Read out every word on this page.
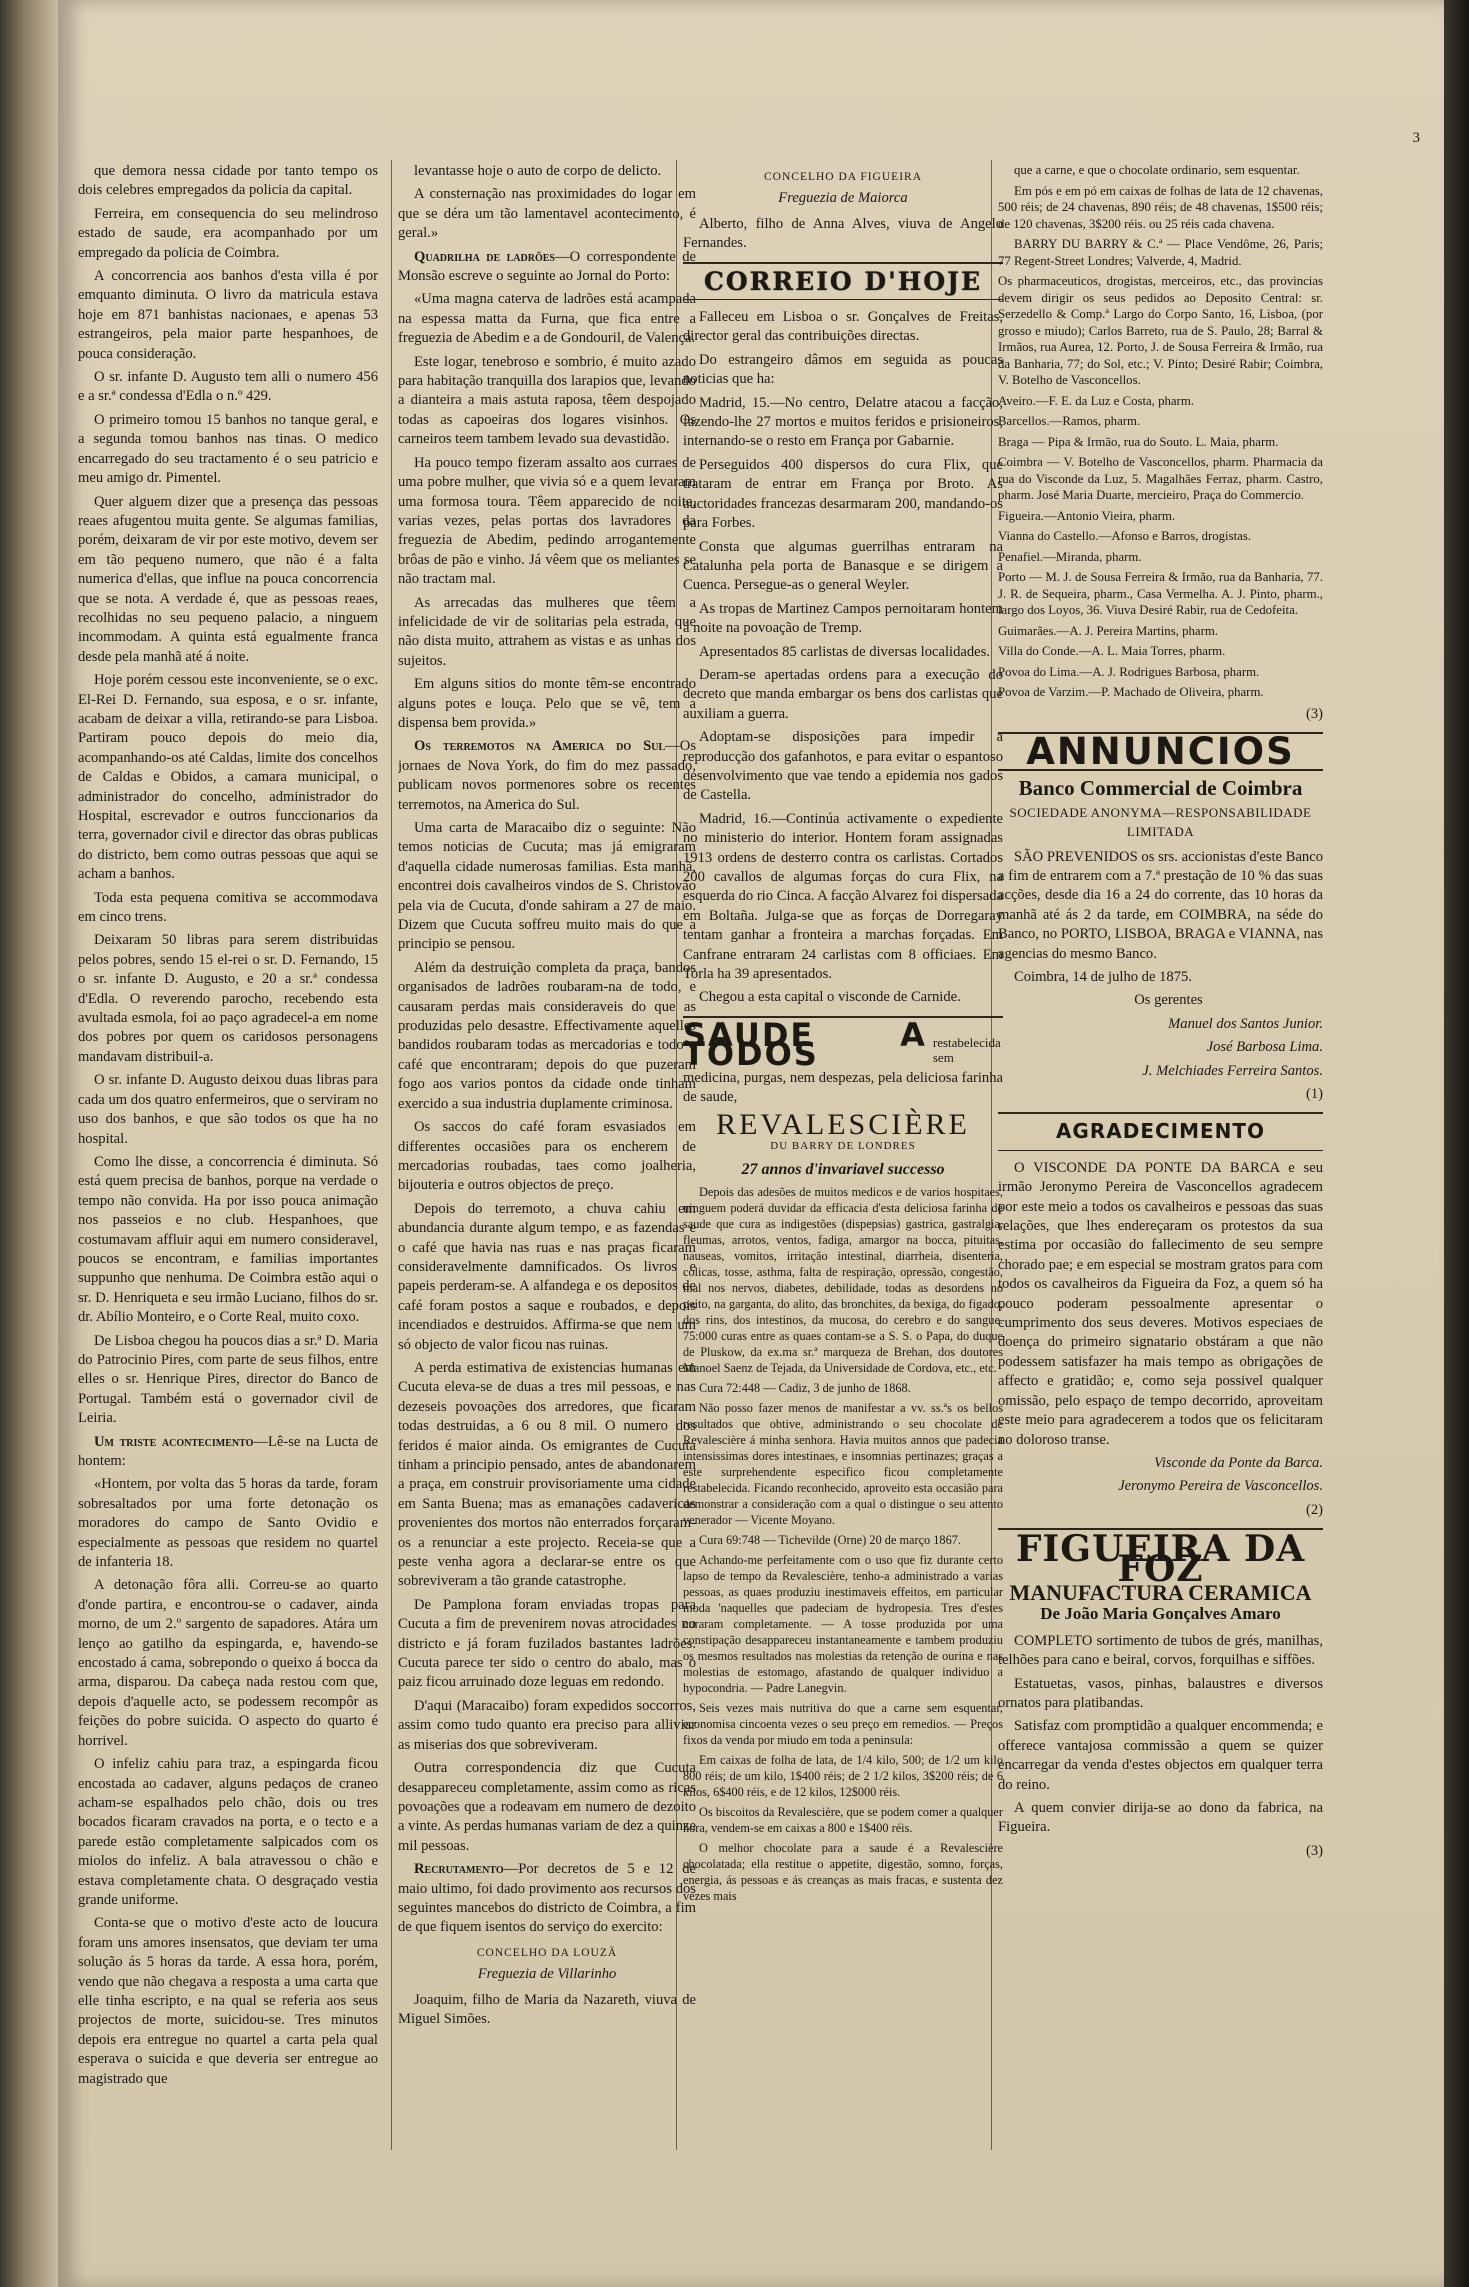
3

que demora nessa cidade por tanto tempo os dois celebres empregados da policia da capital.

Ferreira, em consequencia do seu melindroso estado de saude, era acompanhado por um empregado da policia de Coimbra.

A concorrencia aos banhos d'esta villa é por emquanto diminuta. O livro da matricula estava hoje em 871 banhistas nacionaes, e apenas 53 estrangeiros, pela maior parte hespanhoes, de pouca consideração.

O sr. infante D. Augusto tem alli o numero 456 e a sr.ª condessa d'Edla o n.º 429.

O primeiro tomou 15 banhos no tanque geral, e a segunda tomou banhos nas tinas. O medico encarregado do seu tractamento é o seu patricio e meu amigo dr. Pimentel.

Quer alguem dizer que a presença das pessoas reaes afugentou muita gente. Se algumas familias, porém, deixaram de vir por este motivo, devem ser em tão pequeno numero, que não é a falta numerica d'ellas, que influe na pouca concorrencia que se nota. A verdade é, que as pessoas reaes, recolhidas no seu pequeno palacio, a ninguem incommodam. A quinta está egualmente franca desde pela manhã até á noite.

Hoje porém cessou este inconveniente, se o exc. El-Rei D. Fernando, sua esposa, e o sr. infante, acabam de deixar a villa, retirando-se para Lisboa. Partiram pouco depois do meio dia, acompanhando-os até Caldas, limite dos concelhos de Caldas e Obidos, a camara municipal, o administrador do concelho, administrador do Hospital, escrevador e outros funccionarios da terra, governador civil e director das obras publicas do districto, bem como outras pessoas que aqui se acham a banhos.

Toda esta pequena comitiva se accommodava em cinco trens.

Deixaram 50 libras para serem distribuidas pelos pobres, sendo 15 el-rei o sr. D. Fernando, 15 o sr. infante D. Augusto, e 20 a sr.ª condessa d'Edla. O reverendo parocho, recebendo esta avultada esmola, foi ao paço agradecel-a em nome dos pobres por quem os caridosos personagens mandavam distribuil-a.

O sr. infante D. Augusto deixou duas libras para cada um dos quatro enfermeiros, que o serviram no uso dos banhos, e que são todos os que ha no hospital.

Como lhe disse, a concorrencia é diminuta. Só está quem precisa de banhos, porque na verdade o tempo não convida. Ha por isso pouca animação nos passeios e no club. Hespanhoes, que costumavam affluir aqui em numero consideravel, poucos se encontram, e familias importantes suppunho que nenhuma. De Coimbra estão aqui o sr. D. Henriqueta e seu irmão Luciano, filhos do sr. dr. Abílio Monteiro, e o Corte Real, muito coxo.

De Lisboa chegou ha poucos dias a sr.ª D. Maria do Patrocinio Pires, com parte de seus filhos, entre elles o sr. Henrique Pires, director do Banco de Portugal. Também está o governador civil de Leiria.

Um triste acontecimento—Lê-se na Lucta de hontem:

«Hontem, por volta das 5 horas da tarde, foram sobresaltados por uma forte detonação os moradores do campo de Santo Ovidio e especialmente as pessoas que residem no quartel de infanteria 18.

A detonação fôra alli. Correu-se ao quarto d'onde partira, e encontrou-se o cadaver, ainda morno, de um 2.º sargento de sapadores. Atára um lenço ao gatilho da espingarda, e, havendo-se encostado á cama, sobrepondo o queixo á bocca da arma, disparou. Da cabeça nada restou com que, depois d'aquelle acto, se podessem recompôr as feições do pobre suicida. O aspecto do quarto é horrivel.

O infeliz cahiu para traz, a espingarda ficou encostada ao cadaver, alguns pedaços de craneo acham-se espalhados pelo chão, dois ou tres bocados ficaram cravados na porta, e o tecto e a parede estão completamente salpicados com os miolos do infeliz. A bala atravessou o chão e estava completamente chata. O desgraçado vestia grande uniforme.

Conta-se que o motivo d'este acto de loucura foram uns amores insensatos, que deviam ter uma solução ás 5 horas da tarde. A essa hora, porém, vendo que não chegava a resposta a uma carta que elle tinha escripto, e na qual se referia aos seus projectos de morte, suicidou-se. Tres minutos depois era entregue no quartel a carta pela qual esperava o suicida e que deveria ser entregue ao magistrado que

levantasse hoje o auto de corpo de delicto.

A consternação nas proximidades do logar em que se déra um tão lamentavel acontecimento, é geral.»

Quadrilha de ladrões—O correspondente de Monsão escreve o seguinte ao Jornal do Porto:

«Uma magna caterva de ladrões está acampada na espessa matta da Furna, que fica entre a freguezia de Abedim e a de Gondouril, de Valença.

Este logar, tenebroso e sombrio, é muito azado para habitação tranquilla dos larapios que, levando a dianteira a mais astuta raposa, têem despojado todas as capoeiras dos logares visinhos. Os carneiros teem tambem levado sua devastidão.

Ha pouco tempo fizeram assalto aos curraes de uma pobre mulher, que vivia só e a quem levaram uma formosa toura. Têem apparecido de noite, varias vezes, pelas portas dos lavradores da freguezia de Abedim, pedindo arrogantemente brôas de pão e vinho. Já vêem que os meliantes se não tractam mal.

As arrecadas das mulheres que têem a infelicidade de vir de solitarias pela estrada, que não dista muito, attrahem as vistas e as unhas dos sujeitos.

Em alguns sitios do monte têm-se encontrado alguns potes e louça. Pelo que se vê, tem a dispensa bem provida.»

Os terremotos na America do Sul—Os jornaes de Nova York, do fim do mez passado, publicam novos pormenores sobre os recentes terremotos, na America do Sul.

Uma carta de Maracaibo diz o seguinte: Não temos noticias de Cucuta; mas já emigraram d'aquella cidade numerosas familias. Esta manhã, encontrei dois cavalheiros vindos de S. Christovão pela via de Cucuta, d'onde sahiram a 27 de maio. Dizem que Cucuta soffreu muito mais do que a principio se pensou.

Além da destruição completa da praça, bandos organisados de ladrões roubaram-na de todo, e causaram perdas mais consideraveis do que as produzidas pelo desastre. Effectivamente aquelles bandidos roubaram todas as mercadorias e todo o café que encontraram; depois do que puzeram fogo aos varios pontos da cidade onde tinham exercido a sua industria duplamente criminosa.

Os saccos do café foram esvasiados em differentes occasiões para os encherem de mercadorias roubadas, taes como joalheria, bijouteria e outros objectos de preço.

Depois do terremoto, a chuva cahiu em abundancia durante algum tempo, e as fazendas e o café que havia nas ruas e nas praças ficaram consideravelmente damnificados. Os livros e papeis perderam-se. A alfandega e os depositos de café foram postos a saque e roubados, e depois incendiados e destruidos. Affirma-se que nem um só objecto de valor ficou nas ruinas.

A perda estimativa de existencias humanas em Cucuta eleva-se de duas a tres mil pessoas, e nas dezeseis povoações dos arredores, que ficaram todas destruidas, a 6 ou 8 mil. O numero dos feridos é maior ainda. Os emigrantes de Cucuta tinham a principio pensado, antes de abandonarem a praça, em construir provisoriamente uma cidade em Santa Buena; mas as emanações cadavericas provenientes dos mortos não enterrados forçaram-os a renunciar a este projecto. Receia-se que a peste venha agora a declarar-se entre os que sobreviveram a tão grande catastrophe.

De Pamplona foram enviadas tropas para Cucuta a fim de prevenirem novas atrocidades no districto e já foram fuzilados bastantes ladrões. Cucuta parece ter sido o centro do abalo, mas o paiz ficou arruinado doze leguas em redondo.

D'aqui (Maracaibo) foram expedidos soccorros, assim como tudo quanto era preciso para alliviar as miserias dos que sobreviveram.

Outra correspondencia diz que Cucuta desappareceu completamente, assim como as ricas povoações que a rodeavam em numero de dezoito a vinte. As perdas humanas variam de dez a quinze mil pessoas.

Recrutamento—Por decretos de 5 e 12 de maio ultimo, foi dado provimento aos recursos dos seguintes mancebos do districto de Coimbra, a fim de que fiquem isentos do serviço do exercito:

CONCELHO DA LOUZÃ
Freguezia de Villarinho

Joaquim, filho de Maria da Nazareth, viuva de Miguel Simões.

CONCELHO DA FIGUEIRA
Freguezia de Maiorca

Alberto, filho de Anna Alves, viuva de Angelo Fernandes.

CORREIO D'HOJE

Falleceu em Lisboa o sr. Gonçalves de Freitas, director geral das contribuições directas.

Do estrangeiro dâmos em seguida as poucas noticias que ha:

Madrid, 15.—No centro, Delatre atacou a facção, fazendo-lhe 27 mortos e muitos feridos e prisioneiros, internando-se o resto em França por Gabarnie.

Perseguidos 400 dispersos do cura Flix, que trataram de entrar em França por Broto. As auctoridades francezas desarmaram 200, mandando-os para Forbes.

Consta que algumas guerrilhas entraram na Catalunha pela porta de Banasque e se dirigem a Cuenca. Persegue-as o general Weyler.

As tropas de Martinez Campos pernoitaram hontem á noite na povoação de Tremp.

Apresentados 85 carlistas de diversas localidades.

Deram-se apertadas ordens para a execução do decreto que manda embargar os bens dos carlistas que auxiliam a guerra.

Adoptam-se disposições para impedir a reproducção dos gafanhotos, e para evitar o espantoso desenvolvimento que vae tendo a epidemia nos gados de Castella.

Madrid, 16.—Continúa activamente o expediente no ministerio do interior. Hontem foram assignadas 1913 ordens de desterro contra os carlistas. Cortados 200 cavallos de algumas forças do cura Flix, na esquerda do rio Cinca. A facção Alvarez foi dispersada em Boltaña. Julga-se que as forças de Dorregaray tentam ganhar a fronteira a marchas forçadas. Em Canfrane entraram 24 carlistas com 8 officiaes. Em Torla ha 39 apresentados.

Chegou a esta capital o visconde de Carnide.

SAUDE A TODOS	restabelecida sem

medicina, purgas, nem despezas, pela deliciosa farinha de saude,

REVALESCIÈRE
DU BARRY DE LONDRES
27 annos d'invariavel successo

Depois das adesões de muitos medicos e de varios hospitaes, ninguem poderá duvidar da efficacia d'esta deliciosa farinha de saude que cura as indigestões (dispepsias) gastrica, gastralgia, fleumas, arrotos, ventos, fadiga, amargor na bocca, pituitas, nauseas, vomitos, irritação intestinal, diarrheia, disenteria, colicas, tosse, asthma, falta de respiração, opressão, congestão, mal nos nervos, diabetes, debilidade, todas as desordens no peito, na garganta, do alito, das bronchites, da bexiga, do figado, dos rins, dos intestinos, da mucosa, do cerebro e do sangue. 75:000 curas entre as quaes contam-se a S. S. o Papa, do duque de Pluskow, da ex.ma sr.ª marqueza de Brehan, dos doutores Manoel Saenz de Tejada, da Universidade de Cordova, etc., etc.

Cura 72:448 — Cadiz, 3 de junho de 1868.

Não posso fazer menos de manifestar a vv. ss.ªs os bellos resultados que obtive, administrando o seu chocolate de Revalescière á minha senhora. Havia muitos annos que padecia intensissimas dores intestinaes, e insomnias pertinazes; graças a este surprehendente especifico ficou completamente restabelecida. Ficando reconhecido, aproveito esta occasião para demonstrar a consideração com a qual o distingue o seu attento venerador — Vicente Moyano.

Cura 69:748 — Tichevilde (Orne) 20 de março 1867.

Achando-me perfeitamente com o uso que fiz durante certo lapso de tempo da Revalescière, tenho-a administrado a varias pessoas, as quaes produziu inestimaveis effeitos, em particular moda 'naquelles que padeciam de hydropesia. Tres d'estes curaram completamente. — A tosse produzida por uma constipação desappareceu instantaneamente e tambem produziu os mesmos resultados nas molestias da retenção de ourina e nas molestias de estomago, afastando de qualquer individuo a hypocondria. — Padre Lanegvin.

Seis vezes mais nutritiva do que a carne sem esquentar, economisa cincoenta vezes o seu preço em remedios. — Preços fixos da venda por miudo em toda a peninsula:

Em caixas de folha de lata, de 1/4 kilo, 500; de 1/2 um kilo 800 réis; de um kilo, 1$400 réis; de 2 1/2 kilos, 3$200 réis; de 6 kilos, 6$400 réis, e de 12 kilos, 12$000 réis.

Os biscoitos da Revalescière, que se podem comer a qualquer hora, vendem-se em caixas a 800 e 1$400 réis.

O melhor chocolate para a saude é a Revalescière chocolatada; ella restitue o appetite, digestão, somno, forças, energia, ás pessoas e ás creanças as mais fracas, e sustenta dez vezes mais

que a carne, e que o chocolate ordinario, sem esquentar.

Em pós e em pó em caixas de folhas de lata de 12 chavenas, 500 réis; de 24 chavenas, 890 réis; de 48 chavenas, 1$500 réis; de 120 chavenas, 3$200 réis. ou 25 réis cada chavena.

BARRY DU BARRY & C.ª — Place Vendôme, 26, Paris; 77 Regent-Street Londres; Valverde, 4, Madrid.

Os pharmaceuticos, drogistas, merceiros, etc., das provincias devem dirigir os seus pedidos ao Deposito Central: sr. Serzedello & Comp.ª Largo do Corpo Santo, 16, Lisboa, (por grosso e miudo); Carlos Barreto, rua de S. Paulo, 28; Barral & Irmãos, rua Aurea, 12. Porto, J. de Sousa Ferreira & Irmão, rua da Banharia, 77; do Sol, etc.; V. Pinto; Desiré Rabir; Coimbra, V. Botelho de Vasconcellos.

Aveiro.—F. E. da Luz e Costa, pharm.

Barcellos.—Ramos, pharm.

Braga — Pipa & Irmão, rua do Souto. L. Maia, pharm.

Coimbra — V. Botelho de Vasconcellos, pharm. Pharmacia da rua do Visconde da Luz, 5. Magalhães Ferraz, pharm. Castro, pharm. José Maria Duarte, mercieiro, Praça do Commercio.

Figueira.—Antonio Vieira, pharm.

Vianna do Castello.—Afonso e Barros, drogistas.

Penafiel.—Miranda, pharm.

Porto — M. J. de Sousa Ferreira & Irmão, rua da Banharia, 77. J. R. de Sequeira, pharm., Casa Vermelha. A. J. Pinto, pharm., largo dos Loyos, 36. Viuva Desiré Rabir, rua de Cedofeita.

Guimarães.—A. J. Pereira Martins, pharm.

Villa do Conde.—A. L. Maia Torres, pharm.

Povoa do Lima.—A. J. Rodrigues Barbosa, pharm.

Povoa de Varzim.—P. Machado de Oliveira, pharm.

(3)

ANNUNCIOS
Banco Commercial de Coimbra
SOCIEDADE ANONYMA—RESPONSABILIDADE LIMITADA

SÃO PREVENIDOS os srs. accionistas d'este Banco a fim de entrarem com a 7.ª prestação de 10 % das suas acções, desde dia 16 a 24 do corrente, das 10 horas da manhã até ás 2 da tarde, em COIMBRA, na séde do Banco, no PORTO, LISBOA, BRAGA e VIANNA, nas agencias do mesmo Banco.

Coimbra, 14 de julho de 1875.

Os gerentes

Manuel dos Santos Junior.

José Barbosa Lima.

J. Melchiades Ferreira Santos.

(1)

AGRADECIMENTO

O VISCONDE DA PONTE DA BARCA e seu irmão Jeronymo Pereira de Vasconcellos agradecem por este meio a todos os cavalheiros e pessoas das suas relações, que lhes endereçaram os protestos da sua estima por occasião do fallecimento de seu sempre chorado pae; e em especial se mostram gratos para com todos os cavalheiros da Figueira da Foz, a quem só ha pouco poderam pessoalmente apresentar o cumprimento dos seus deveres. Motivos especiaes de doença do primeiro signatario obstáram a que não podessem satisfazer ha mais tempo as obrigações de affecto e gratidão; e, como seja possivel qualquer omissão, pelo espaço de tempo decorrido, aproveitam este meio para agradecerem a todos que os felicitaram no doloroso transe.

Visconde da Ponte da Barca.

Jeronymo Pereira de Vasconcellos.

(2)

FIGUEIRA DA FOZ
MANUFACTURA CERAMICA
De João Maria Gonçalves Amaro

COMPLETO sortimento de tubos de grés, manilhas, telhões para cano e beiral, corvos, forquilhas e siffões.

Estatuetas, vasos, pinhas, balaustres e diversos ornatos para platibandas.

Satisfaz com promptidão a qualquer encommenda; e offerece vantajosa commissão a quem se quizer encarregar da venda d'estes objectos em qualquer terra do reino.

A quem convier dirija-se ao dono da fabrica, na Figueira.

(3)
